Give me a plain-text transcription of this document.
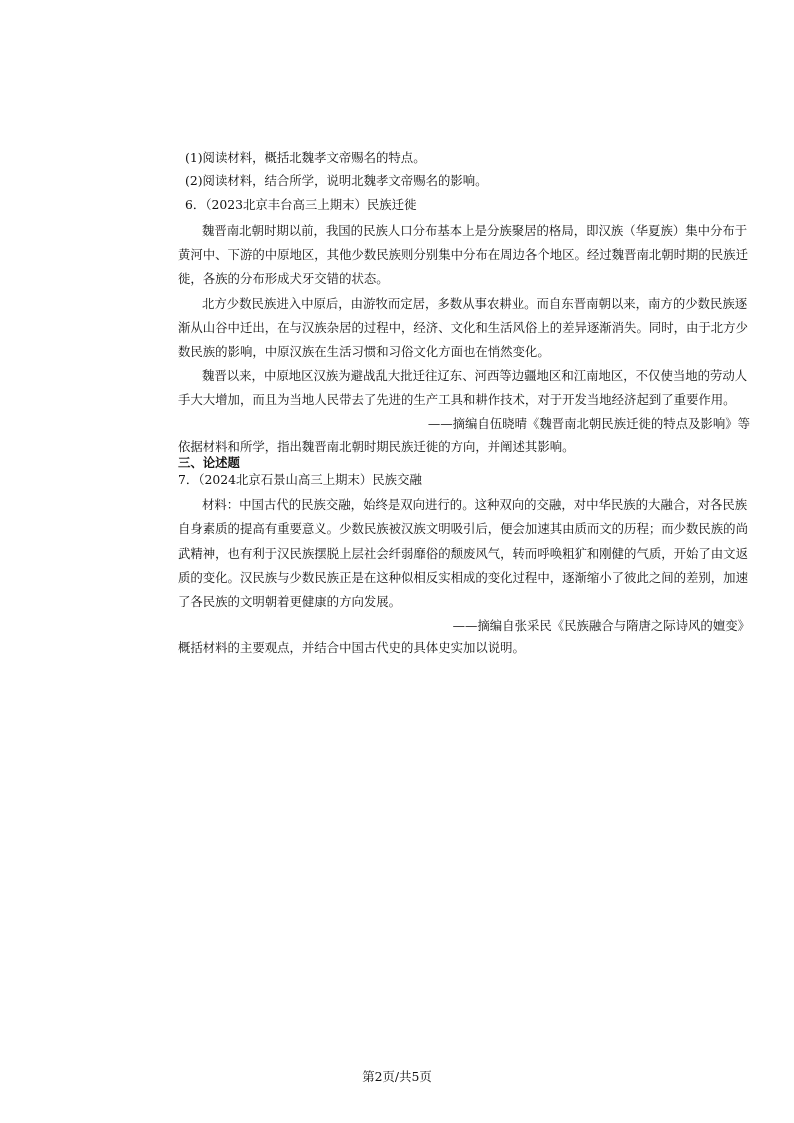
(1)阅读材料，概括北魏孝文帝赐名的特点。
(2)阅读材料，结合所学，说明北魏孝文帝赐名的影响。
6．（2023北京丰台高三上期末）民族迁徙
魏晋南北朝时期以前，我国的民族人口分布基本上是分族聚居的格局，即汉族（华夏族）集中分布于
黄河中、下游的中原地区，其他少数民族则分别集中分布在周边各个地区。经过魏晋南北朝时期的民族迁
徙，各族的分布形成犬牙交错的状态。
北方少数民族进入中原后，由游牧而定居，多数从事农耕业。而自东晋南朝以来，南方的少数民族逐
渐从山谷中迁出，在与汉族杂居的过程中，经济、文化和生活风俗上的差异逐渐消失。同时，由于北方少
数民族的影响，中原汉族在生活习惯和习俗文化方面也在悄然变化。
魏晋以来，中原地区汉族为避战乱大批迁往辽东、河西等边疆地区和江南地区，不仅使当地的劳动人
手大大增加，而且为当地人民带去了先进的生产工具和耕作技术，对于开发当地经济起到了重要作用。
——摘编自伍晓晴《魏晋南北朝民族迁徙的特点及影响》等
依据材料和所学，指出魏晋南北朝时期民族迁徙的方向，并阐述其影响。
三、论述题
7．（2024北京石景山高三上期末）民族交融
材料：中国古代的民族交融，始终是双向进行的。这种双向的交融，对中华民族的大融合，对各民族
自身素质的提高有重要意义。少数民族被汉族文明吸引后，便会加速其由质而文的历程；而少数民族的尚
武精神，也有利于汉民族摆脱上层社会纤弱靡俗的颓废风气，转而呼唤粗犷和刚健的气质，开始了由文返
质的变化。汉民族与少数民族正是在这种似相反实相成的变化过程中，逐渐缩小了彼此之间的差别，加速
了各民族的文明朝着更健康的方向发展。
——摘编自张采民《民族融合与隋唐之际诗风的嬗变》
概括材料的主要观点，并结合中国古代史的具体史实加以说明。
第2页/共5页
